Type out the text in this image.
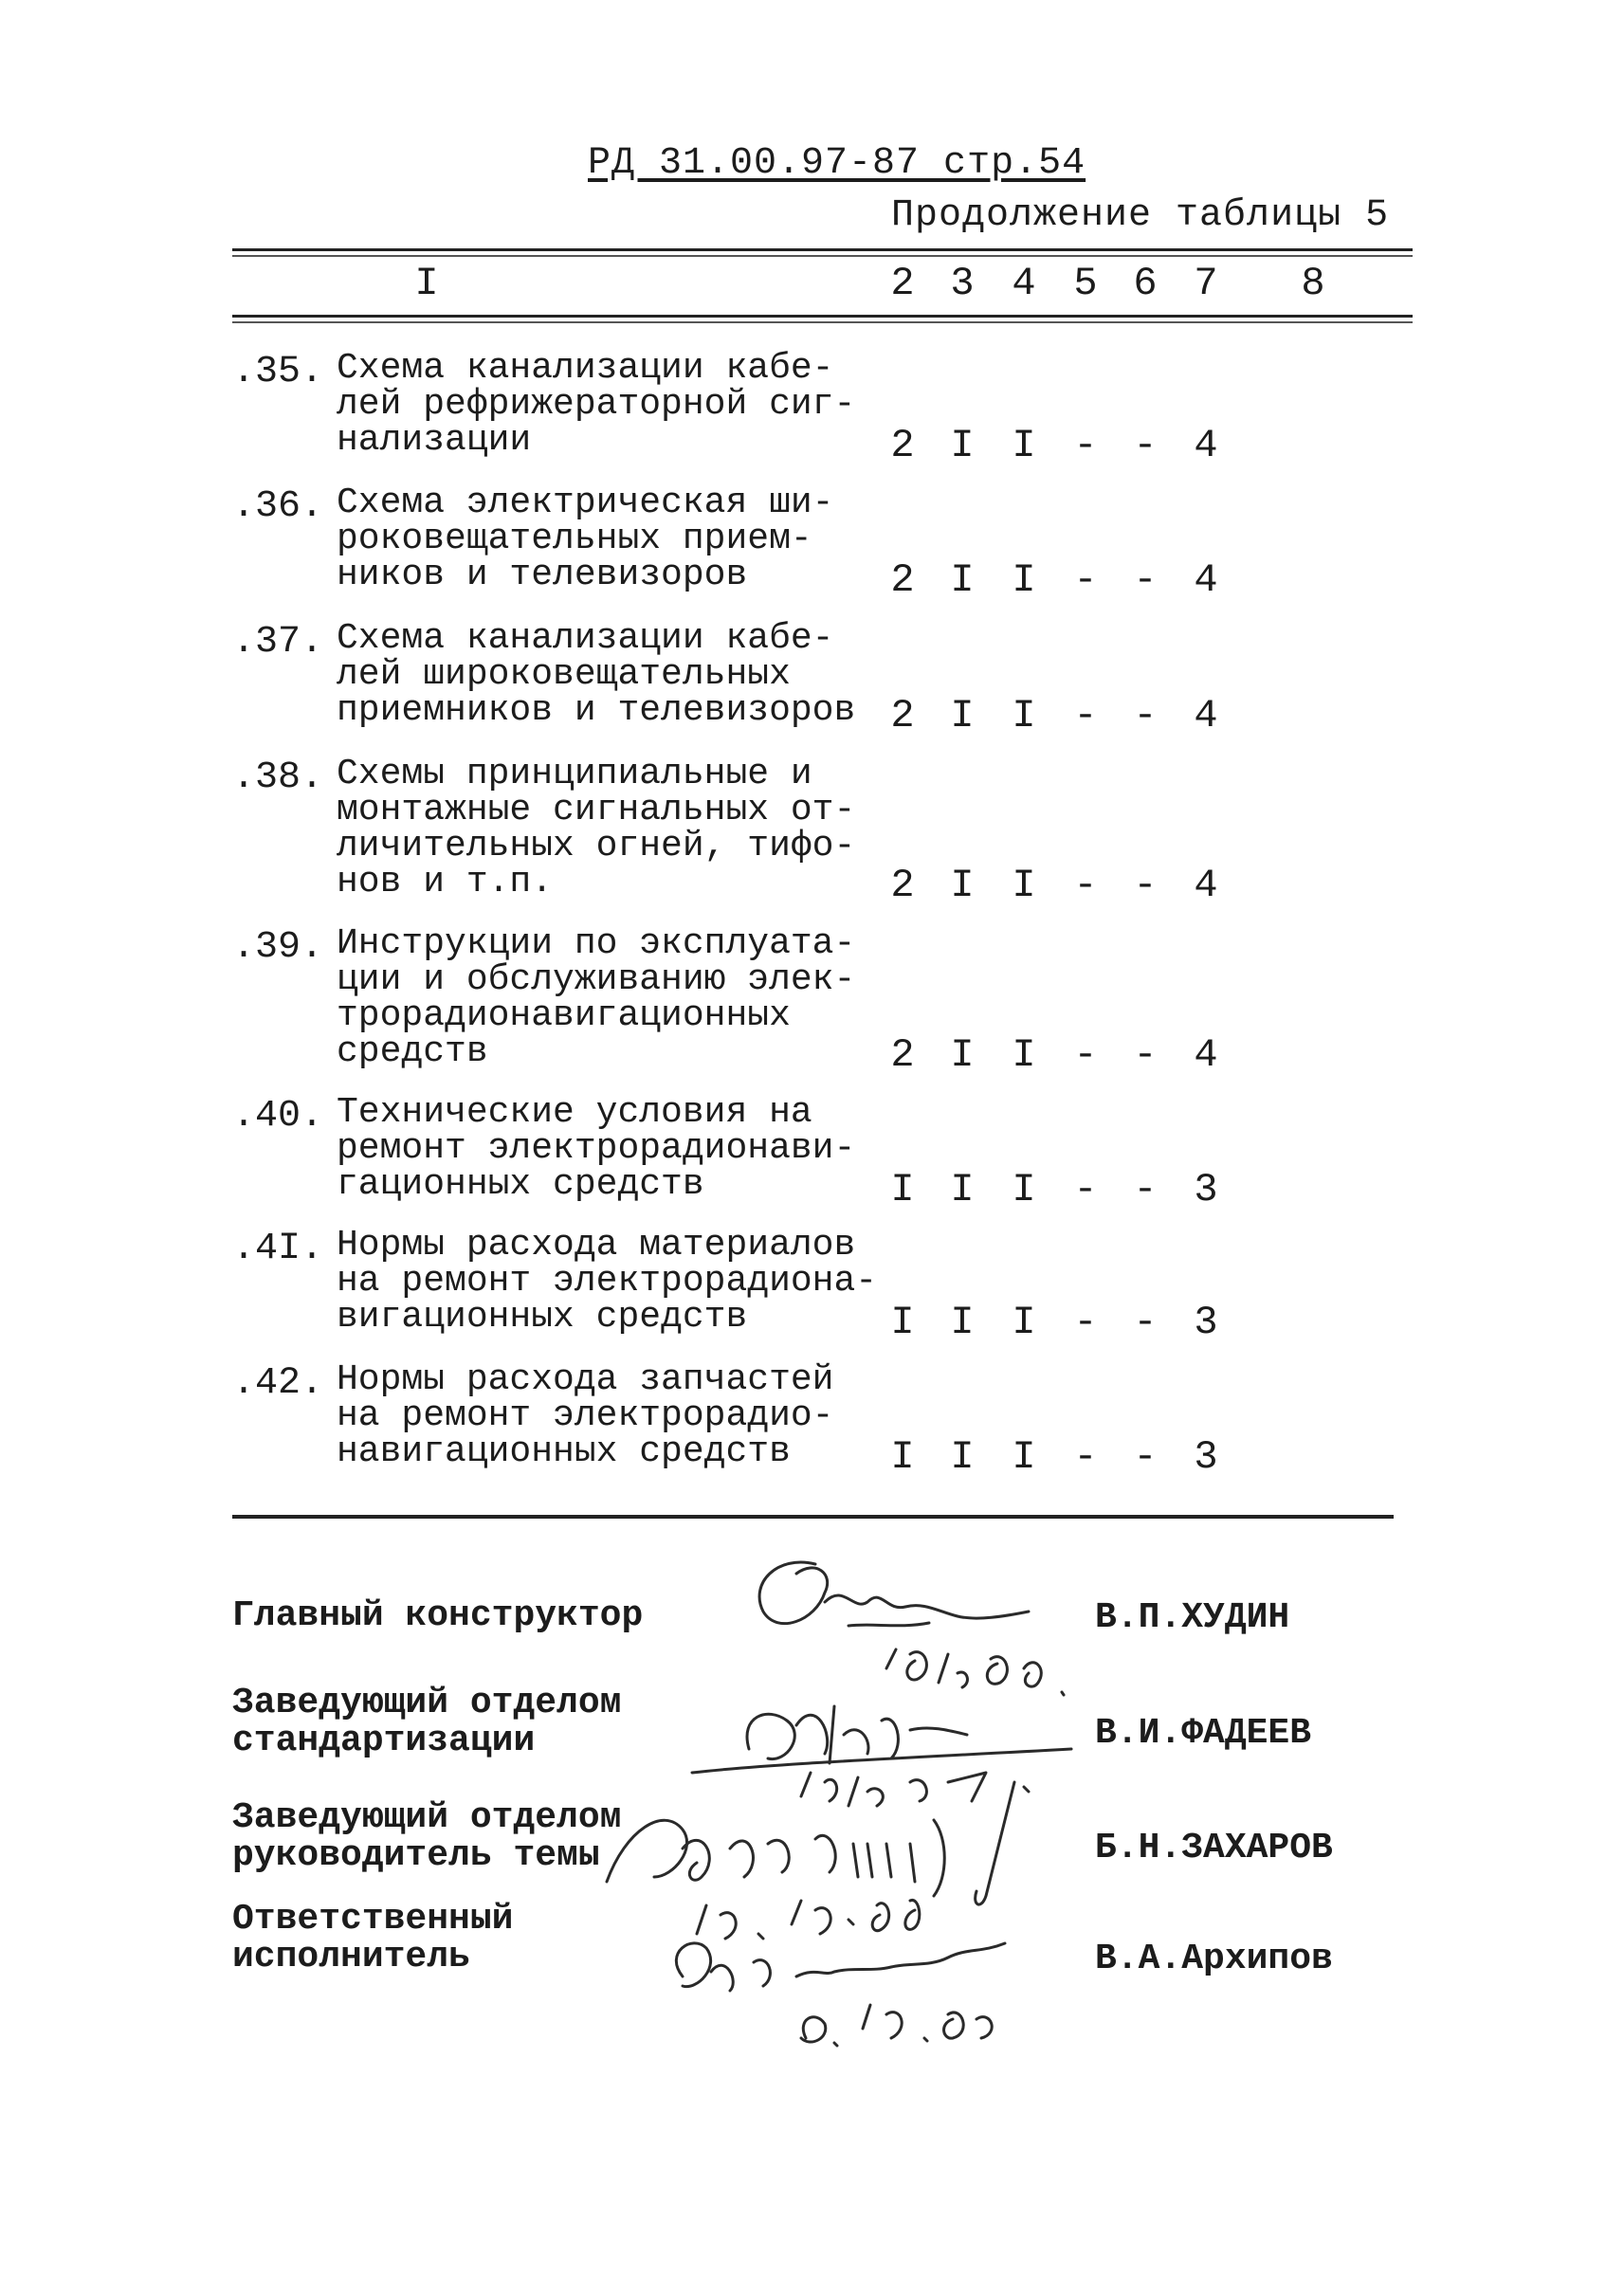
РД 31.00.97-87 стр.54
Продолжение таблицы 5
I	2 3 4 5 6 7	8
.35. Схема канализации кабе-
лей рефрижераторной сиг-
нализации	2 I I - - 4
.36. Схема электрическая ши-
роковещательных прием-
ников и телевизоров	2 I I - - 4
.37. Схема канализации кабе-
лей широковещательных
приемников и телевизоров 2 I I - - 4
.38. Схемы принципиальные и
монтажные сигнальных от-
личительных огней, тифо-
нов и т.п.	2 I I - - 4
.39. Инструкции по эксплуата-
ции и обслуживанию элек-
трорадионавигационных
средств	2 I I - - 4
.40. Технические условия на
ремонт электрорадионави-
гационных средств	I I I - - 3
.4I. Нормы расхода материалов
на ремонт электрорадиона-
вигационных средств	I I I - - 3
.42. Нормы расхода запчастей
на ремонт электрорадио-
навигационных средств	I I I - - 3
Главный конструктор	В.П.ХУДИН
Заведующий отделом
стандартизации	В.И.ФАДЕЕВ
Заведующий отделом
руководитель темы	Б.Н.ЗАХАРОВ
Ответственный
исполнитель	В.А.Архипов
